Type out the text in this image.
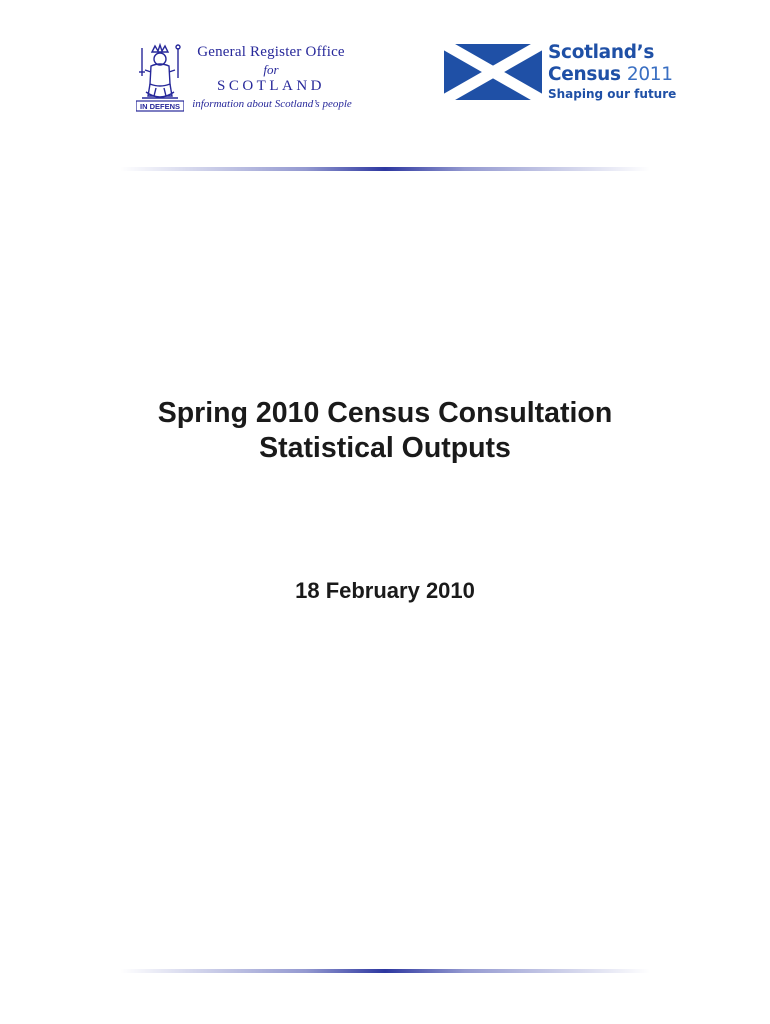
IN DEFENS
General Register Office
for
SCOTLAND
information about Scotland’s people
Scotland’s
Census 2011
Shaping our future
Spring 2010 Census Consultation
Statistical Outputs
18 February 2010
